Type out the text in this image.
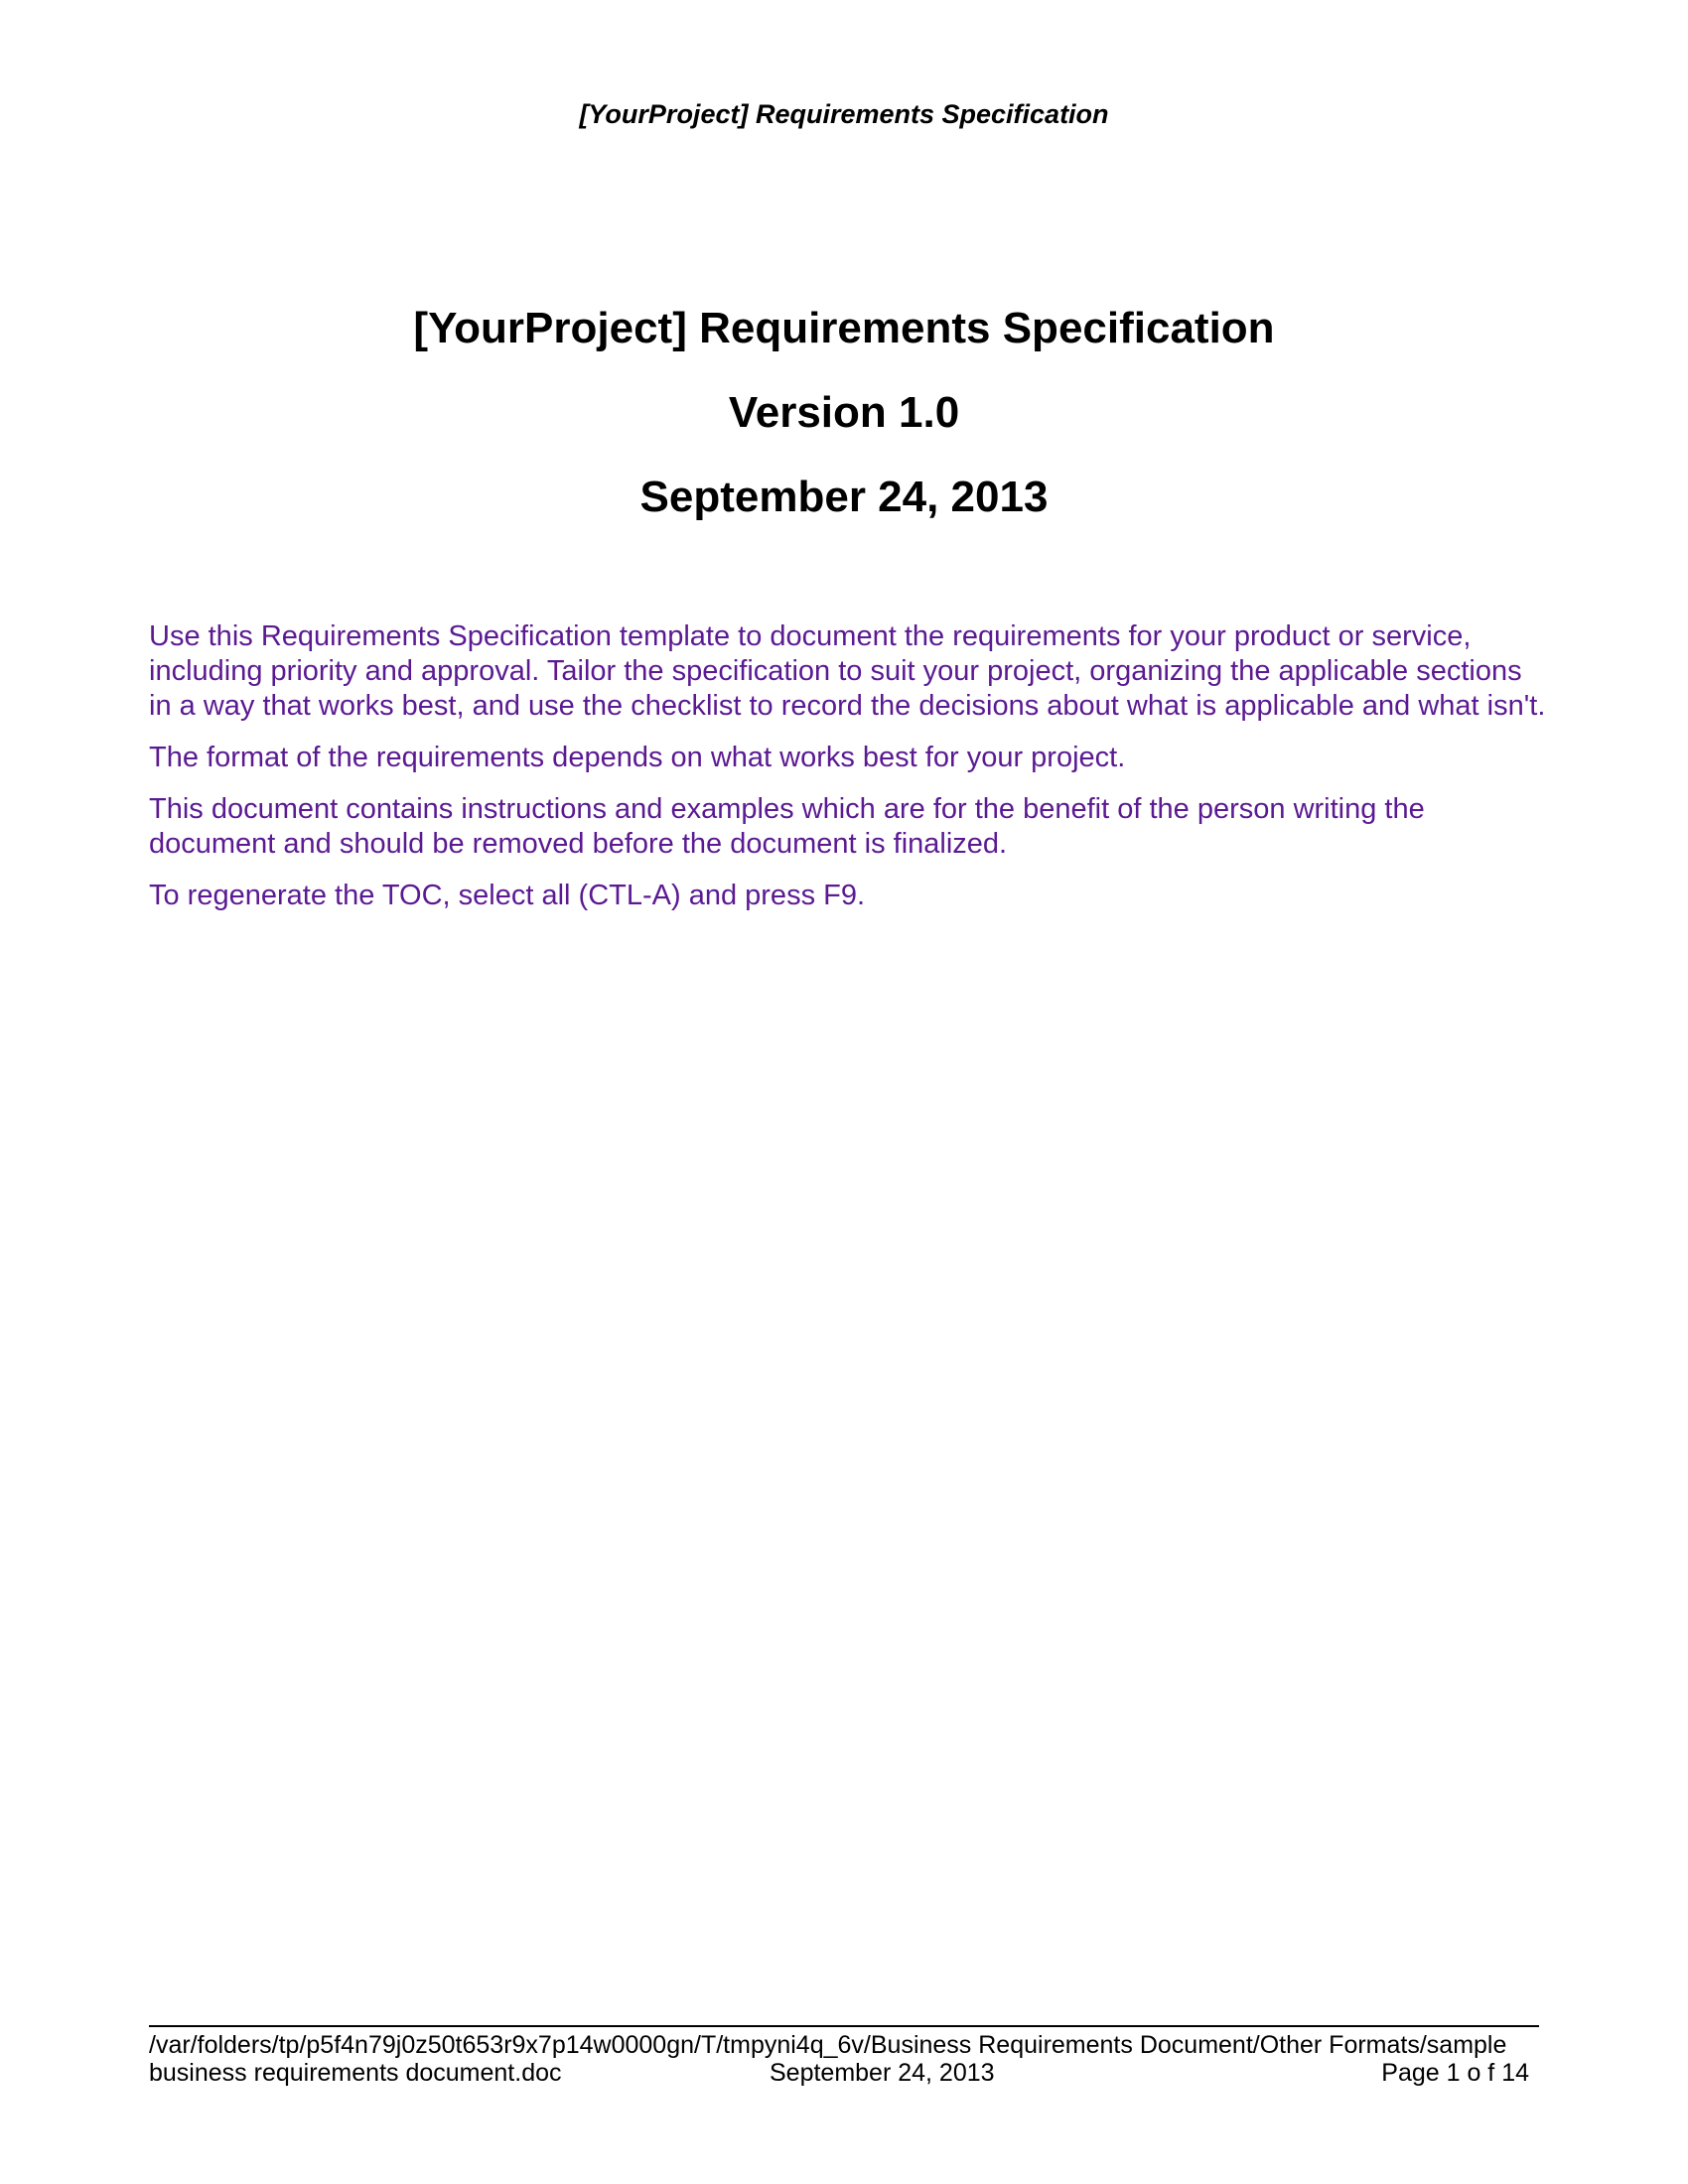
[YourProject] Requirements Specification
[YourProject] Requirements Specification
Version 1.0
September 24, 2013

Use this Requirements Specification template to document the requirements for your product or service, including priority and approval. Tailor the specification to suit your project, organizing the applicable sections in a way that works best, and use the checklist to record the decisions about what is applicable and what isn't.

The format of the requirements depends on what works best for your project.

This document contains instructions and examples which are for the benefit of the person writing the document and should be removed before the document is finalized.

To regenerate the TOC, select all (CTL-A) and press F9.

/var/folders/tp/p5f4n79j0z50t653r9x7p14w0000gn/T/tmpyni4q_6v/Business Requirements Document/Other Formats/sample
business requirements document.doc	September 24, 2013	Page 1 o f 14
